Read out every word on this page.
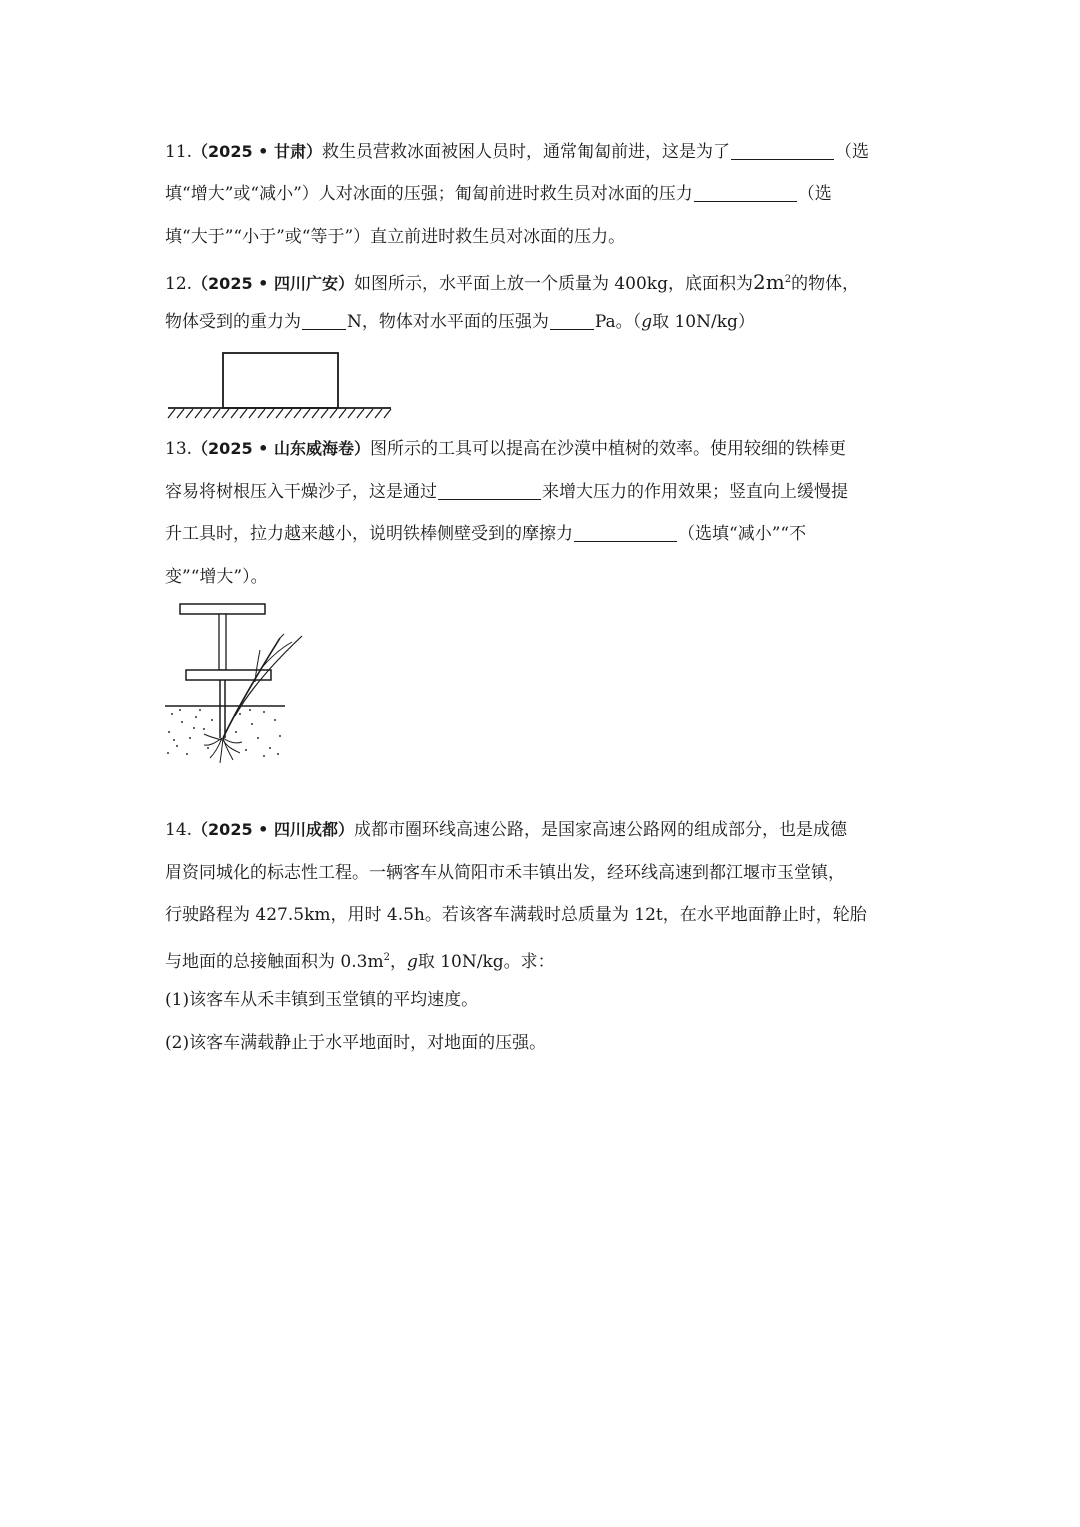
11.（2025 • 甘肃）救生员营救冰面被困人员时，通常匍匐前进，这是为了	（选
填“增大”或“减小”）人对冰面的压强；匍匐前进时救生员对冰面的压力	（选
填“大于”“小于”或“等于”）直立前进时救生员对冰面的压力。
12.（2025 • 四川广安）如图所示，水平面上放一个质量为 400kg，底面积为$2m^2$的物体，
物体受到的重力为	N，物体对水平面的压强为	Pa。（g取 10N/kg）
13.（2025 • 山东威海卷）图所示的工具可以提高在沙漠中植树的效率。使用较细的铁棒更
容易将树根压入干燥沙子，这是通过	来增大压力的作用效果；竖直向上缓慢提
升工具时，拉力越来越小，说明铁棒侧壁受到的摩擦力	（选填“减小”“不
变”“增大”）。
14.（2025 • 四川成都）成都市圈环线高速公路，是国家高速公路网的组成部分，也是成德
眉资同城化的标志性工程。一辆客车从简阳市禾丰镇出发，经环线高速到都江堰市玉堂镇，
行驶路程为 427.5km，用时 4.5h。若该客车满载时总质量为 12t，在水平地面静止时，轮胎
与地面的总接触面积为 $0.3m^2$，g取 10N/kg。求：
(1)该客车从禾丰镇到玉堂镇的平均速度。
(2)该客车满载静止于水平地面时，对地面的压强。
